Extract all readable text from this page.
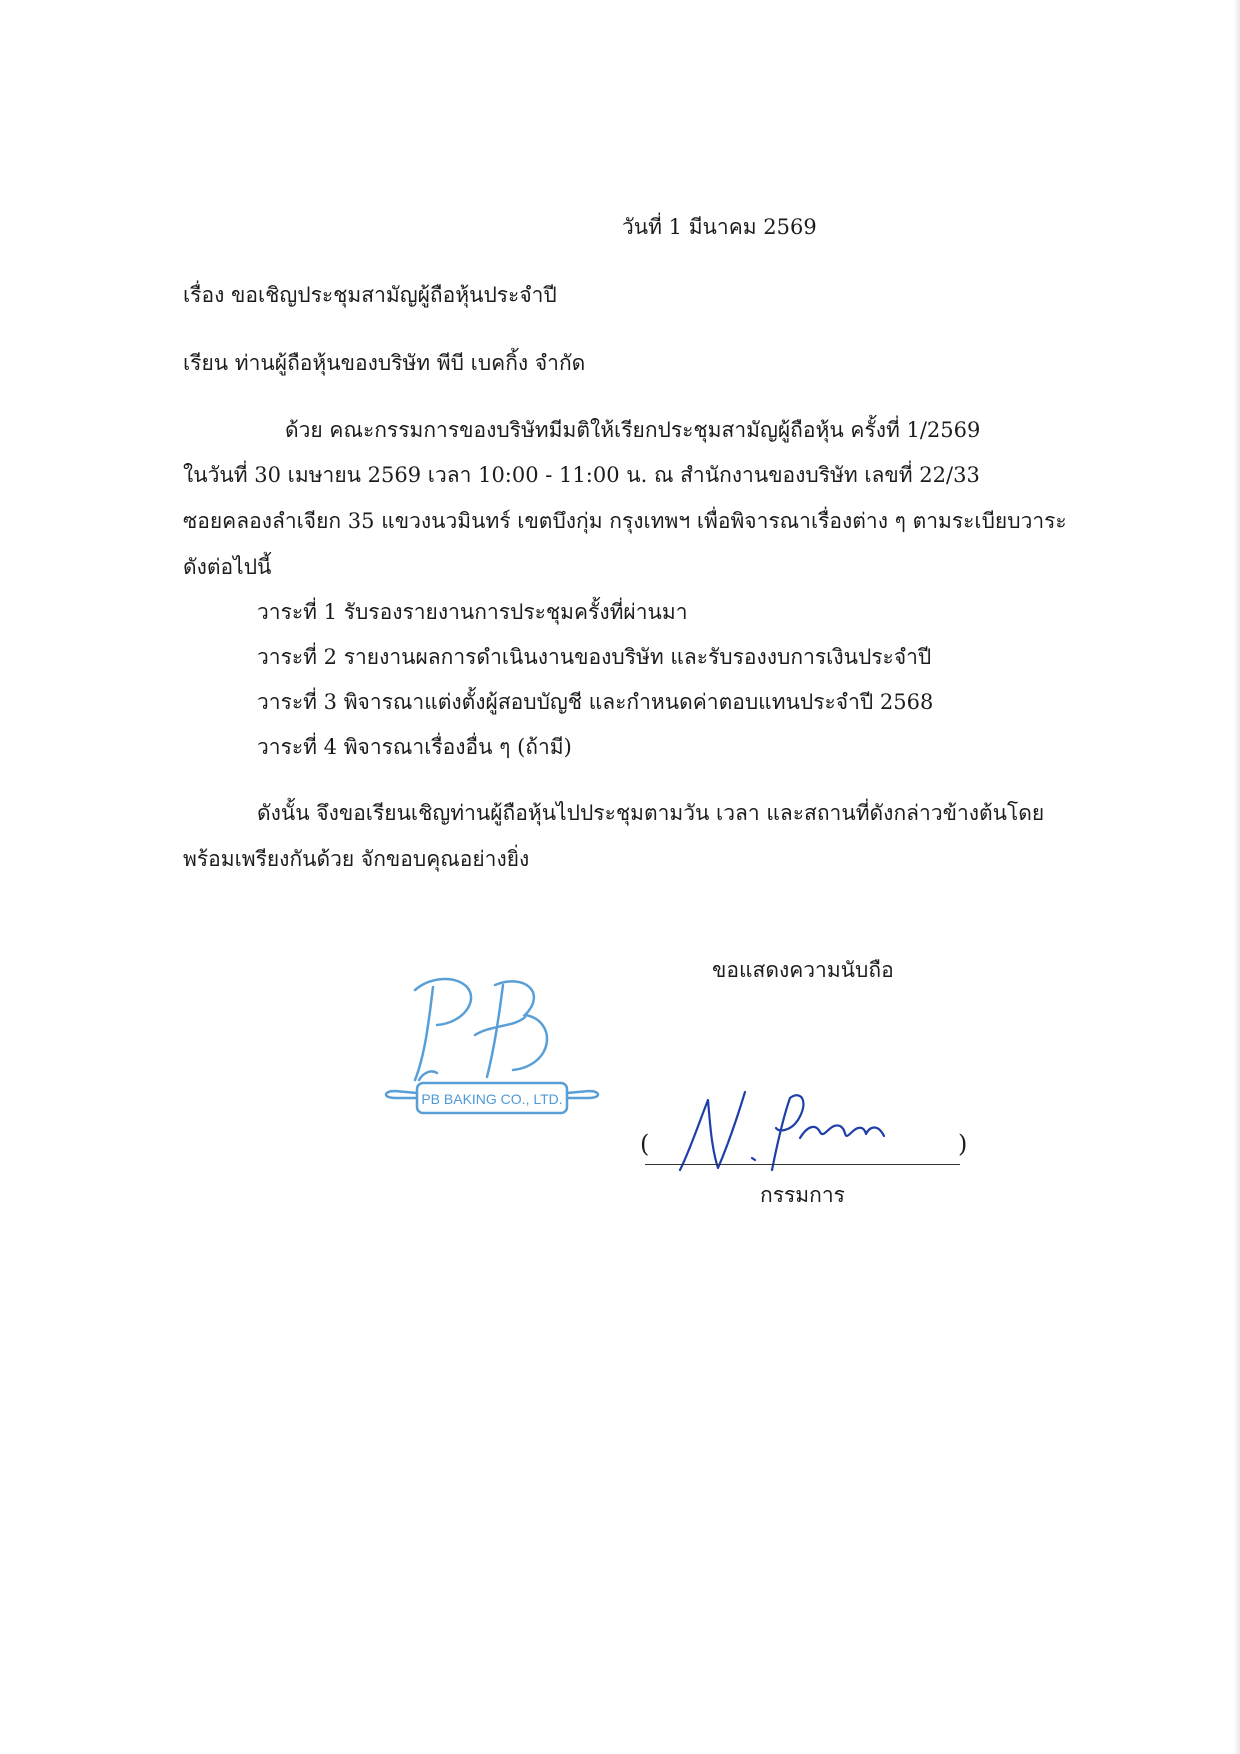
วันที่ 1 มีนาคม 2569
เรื่อง ขอเชิญประชุมสามัญผู้ถือหุ้นประจำปี
เรียน ท่านผู้ถือหุ้นของบริษัท พีบี เบคกิ้ง จำกัด
ด้วย คณะกรรมการของบริษัทมีมติให้เรียกประชุมสามัญผู้ถือหุ้น ครั้งที่ 1/2569
ในวันที่ 30 เมษายน 2569 เวลา 10:00 - 11:00 น. ณ สำนักงานของบริษัท เลขที่ 22/33
ซอยคลองลำเจียก 35 แขวงนวมินทร์ เขตบึงกุ่ม กรุงเทพฯ เพื่อพิจารณาเรื่องต่าง ๆ ตามระเบียบวาระ
ดังต่อไปนี้
วาระที่ 1 รับรองรายงานการประชุมครั้งที่ผ่านมา
วาระที่ 2 รายงานผลการดำเนินงานของบริษัท และรับรองงบการเงินประจำปี
วาระที่ 3 พิจารณาแต่งตั้งผู้สอบบัญชี และกำหนดค่าตอบแทนประจำปี 2568
วาระที่ 4 พิจารณาเรื่องอื่น ๆ (ถ้ามี)
ดังนั้น จึงขอเรียนเชิญท่านผู้ถือหุ้นไปประชุมตามวัน เวลา และสถานที่ดังกล่าวข้างต้นโดย
พร้อมเพรียงกันด้วย จักขอบคุณอย่างยิ่ง
ขอแสดงความนับถือ
PB BAKING CO., LTD.
(	)
กรรมการ
